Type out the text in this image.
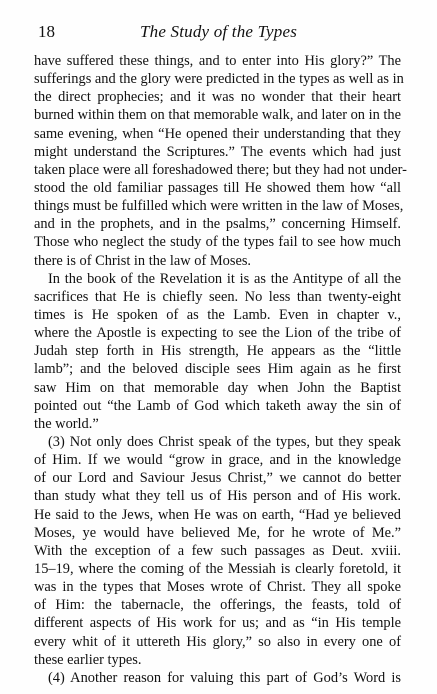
18	The Study of the Types
have suffered these things, and to enter into His glory?” The
sufferings and the glory were predicted in the types as well as in
the direct prophecies; and it was no wonder that their heart
burned within them on that memorable walk, and later on in the
same evening, when “He opened their understanding that they
might understand the Scriptures.” The events which had just
taken place were all foreshadowed there; but they had not under-
stood the old familiar passages till He showed them how “all
things must be fulfilled which were written in the law of Moses,
and in the prophets, and in the psalms,” concerning Himself.
Those who neglect the study of the types fail to see how much
there is of Christ in the law of Moses.
In the book of the Revelation it is as the Antitype of all the
sacrifices that He is chiefly seen. No less than twenty-eight
times is He spoken of as the Lamb. Even in chapter v.,
where the Apostle is expecting to see the Lion of the tribe of
Judah step forth in His strength, He appears as the “little
lamb”; and the beloved disciple sees Him again as he first
saw Him on that memorable day when John the Baptist
pointed out “the Lamb of God which taketh away the sin of
the world.”
(3) Not only does Christ speak of the types, but they speak
of Him. If we would “grow in grace, and in the knowledge
of our Lord and Saviour Jesus Christ,” we cannot do better
than study what they tell us of His person and of His work.
He said to the Jews, when He was on earth, “Had ye believed
Moses, ye would have believed Me, for he wrote of Me.”
With the exception of a few such passages as Deut. xviii.
15–19, where the coming of the Messiah is clearly foretold, it
was in the types that Moses wrote of Christ. They all spoke
of Him: the tabernacle, the offerings, the feasts, told of
different aspects of His work for us; and as “in His temple
every whit of it uttereth His glory,” so also in every one of
these earlier types.
(4) Another reason for valuing this part of God’s Word is
